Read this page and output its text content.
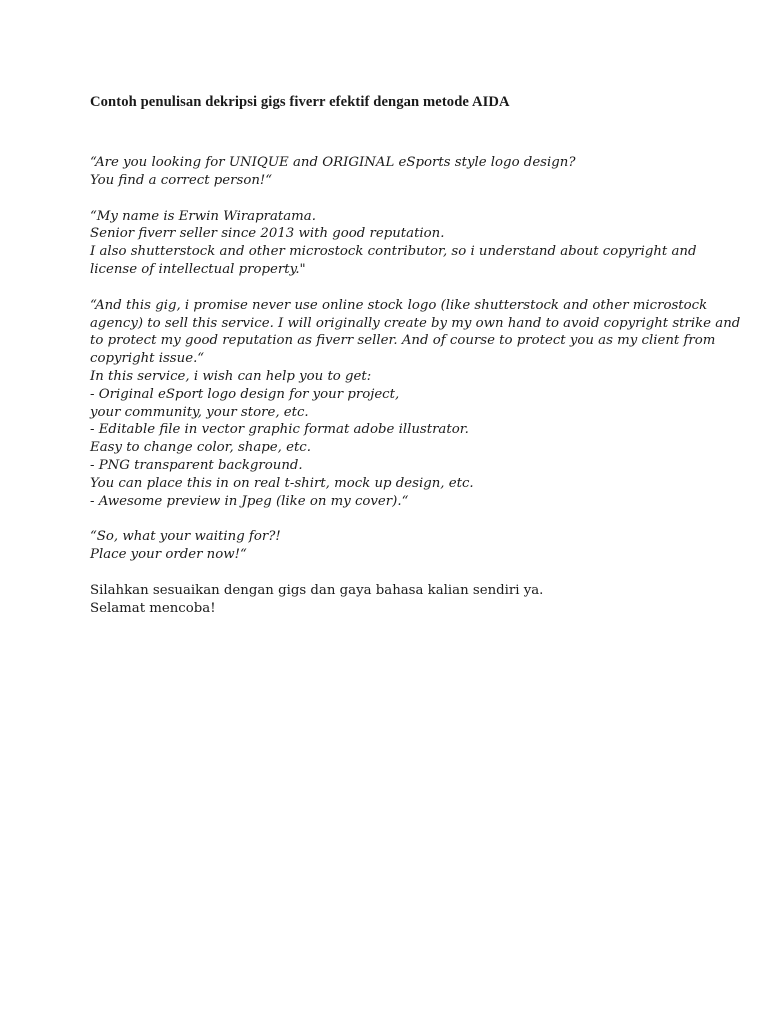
Contoh penulisan dekripsi gigs fiverr efektif dengan metode AIDA
“Are you looking for UNIQUE and ORIGINAL eSports style logo design?
You find a correct person!“
“My name is Erwin Wirapratama.
Senior fiverr seller since 2013 with good reputation.
I also shutterstock and other microstock contributor, so i understand about copyright and
license of intellectual property."
“And this gig, i promise never use online stock logo (like shutterstock and other microstock
agency) to sell this service. I will originally create by my own hand to avoid copyright strike and
to protect my good reputation as fiverr seller. And of course to protect you as my client from
copyright issue.“
In this service, i wish can help you to get:
- Original eSport logo design for your project,
your community, your store, etc.
- Editable file in vector graphic format adobe illustrator.
Easy to change color, shape, etc.
- PNG transparent background.
You can place this in on real t-shirt, mock up design, etc.
- Awesome preview in Jpeg (like on my cover).“
“So, what your waiting for?!
Place your order now!“
Silahkan sesuaikan dengan gigs dan gaya bahasa kalian sendiri ya.
Selamat mencoba!
